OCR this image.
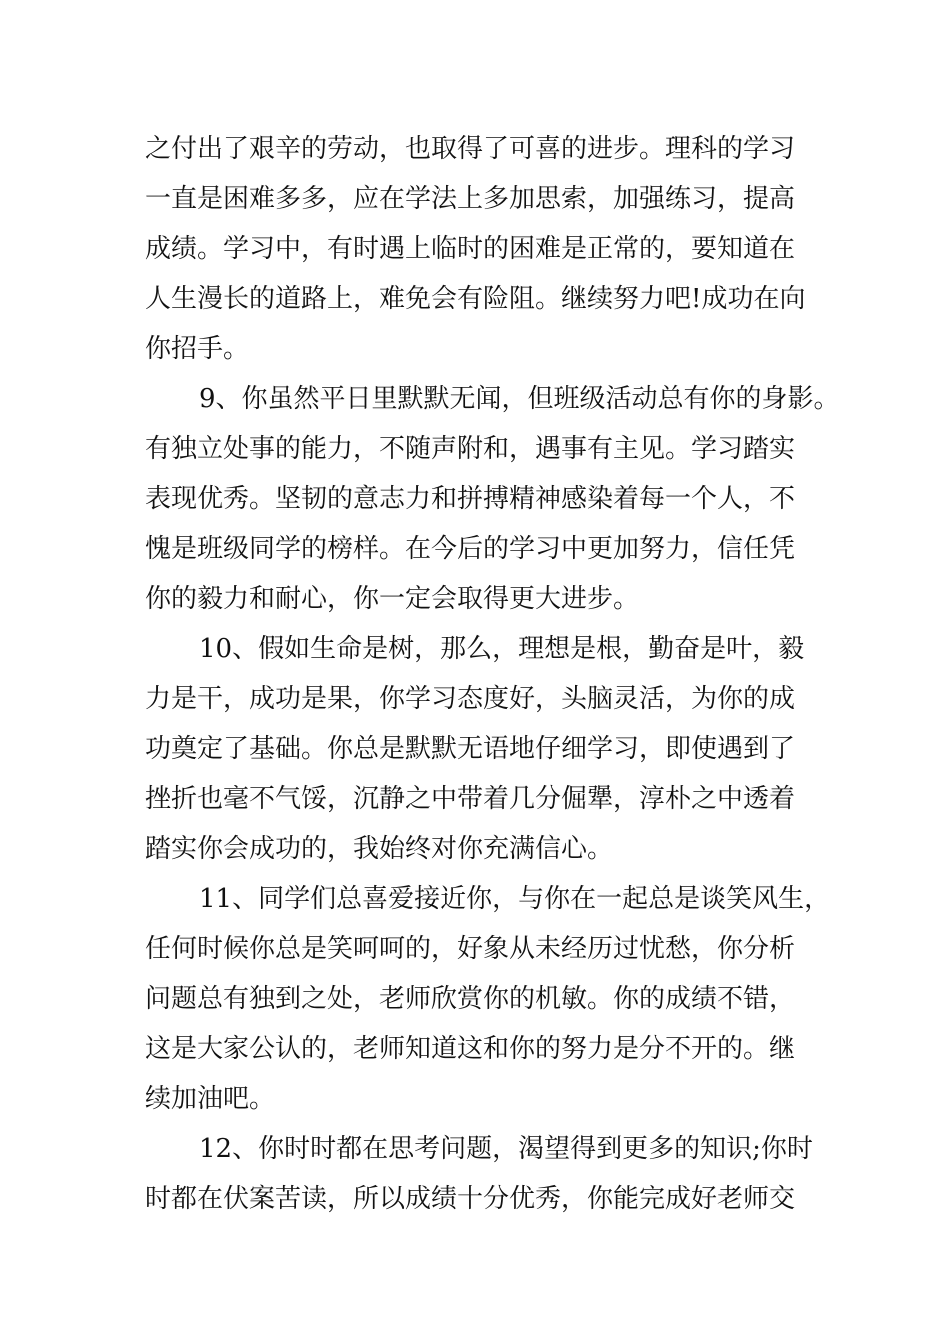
之付出了艰辛的劳动，也取得了可喜的进步。理科的学习
一直是困难多多，应在学法上多加思索，加强练习，提高
成绩。学习中，有时遇上临时的困难是正常的，要知道在
人生漫长的道路上，难免会有险阻。继续努力吧!成功在向
你招手。
9、你虽然平日里默默无闻，但班级活动总有你的身影。
有独立处事的能力，不随声附和，遇事有主见。学习踏实
表现优秀。坚韧的意志力和拼搏精神感染着每一个人，不
愧是班级同学的榜样。在今后的学习中更加努力，信任凭
你的毅力和耐心，你一定会取得更大进步。
10、假如生命是树，那么，理想是根，勤奋是叶，毅
力是干，成功是果，你学习态度好，头脑灵活，为你的成
功奠定了基础。你总是默默无语地仔细学习，即使遇到了
挫折也毫不气馁，沉静之中带着几分倔犟，淳朴之中透着
踏实你会成功的，我始终对你充满信心。
11、同学们总喜爱接近你，与你在一起总是谈笑风生，
任何时候你总是笑呵呵的，好象从未经历过忧愁，你分析
问题总有独到之处，老师欣赏你的机敏。你的成绩不错，
这是大家公认的，老师知道这和你的努力是分不开的。继
续加油吧。
12、你时时都在思考问题，渴望得到更多的知识;你时
时都在伏案苦读，所以成绩十分优秀，你能完成好老师交
